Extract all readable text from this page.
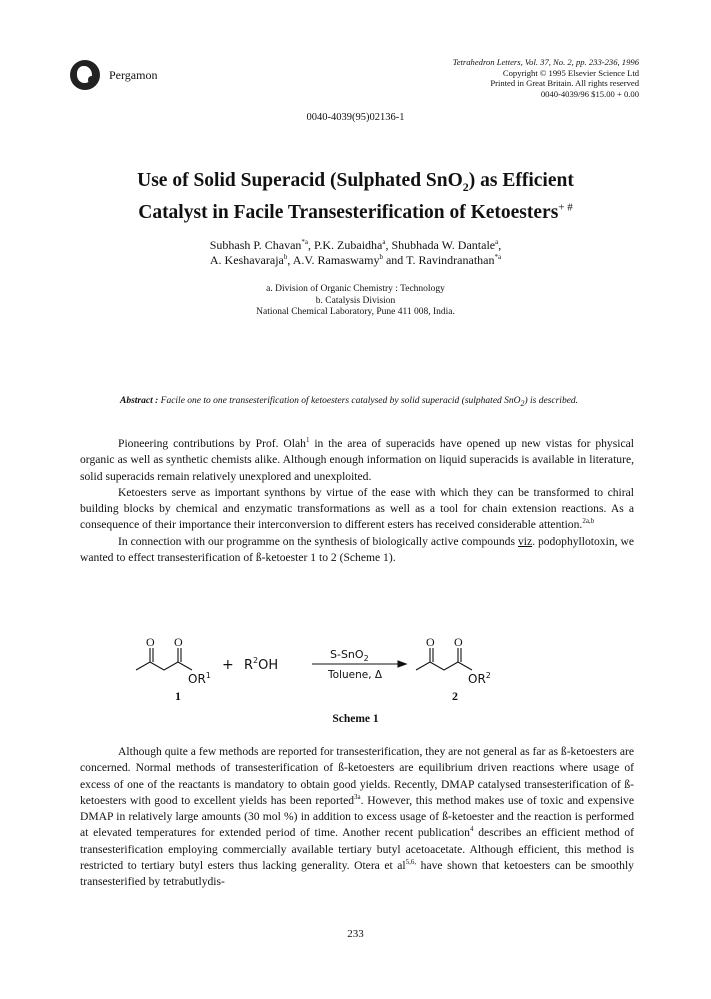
Pergamon
Tetrahedron Letters, Vol. 37, No. 2, pp. 233-236, 1996
Copyright © 1995 Elsevier Science Ltd
Printed in Great Britain. All rights reserved
0040-4039/96 $15.00 + 0.00
0040-4039(95)02136-1
Use of Solid Superacid (Sulphated SnO$_2$) as Efficient
Catalyst in Facile Transesterification of Ketoesters+ #
Subhash P. Chavan$^{*a}$, P.K. Zubaidha$^a$, Shubhada W. Dantale$^a$,
A. Keshavaraja$^b$, A.V. Ramaswamy$^b$ and T. Ravindranathan$^{*a}$
a. Division of Organic Chemistry : Technology
b. Catalysis Division
National Chemical Laboratory, Pune 411 008, India.
Abstract : Facile one to one transesterification of ketoesters catalysed by solid superacid (sulphated SnO$_2$) is described.

Pioneering contributions by Prof. Olah$^1$ in the area of superacids have opened up new vistas for physical organic as well as synthetic chemists alike. Although enough information on liquid superacids is available in literature, solid superacids remain relatively unexplored and unexploited.

Ketoesters serve as important synthons by virtue of the ease with which they can be transformed to chiral building blocks by chemical and enzymatic transformations as well as a tool for chain extension reactions. As a consequence of their importance their interconversion to different esters has received considerable attention.$^{2a,b}$

In connection with our programme on the synthesis of biologically active compounds viz. podophyllotoxin, we wanted to effect transesterification of ß-ketoester 1 to 2 (Scheme 1).

O O	O O
$OR^1$
+ $R^2OH$
S-SnO$_2$
Toluene, Δ	$OR^2$
1	2
Scheme 1

Although quite a few methods are reported for transesterification, they are not general as far as ß-ketoesters are concerned. Normal methods of transesterification of ß-ketoesters are equilibrium driven reactions where usage of excess of one of the reactants is mandatory to obtain good yields. Recently, DMAP catalysed transesterification of ß-ketoesters with good to excellent yields has been reported$^{3a}$. However, this method makes use of toxic and expensive DMAP in relatively large amounts (30 mol %) in addition to excess usage of ß-ketoester and the reaction is performed at elevated temperatures for extended period of time. Another recent publication$^4$ describes an efficient method of transesterification employing commercially available tertiary butyl acetoacetate. Although efficient, this method is restricted to tertiary butyl esters thus lacking generality. Otera et $al^{5,6,}$ have shown that ketoesters can be smoothly transesterified by tetrabutlydis-

233
